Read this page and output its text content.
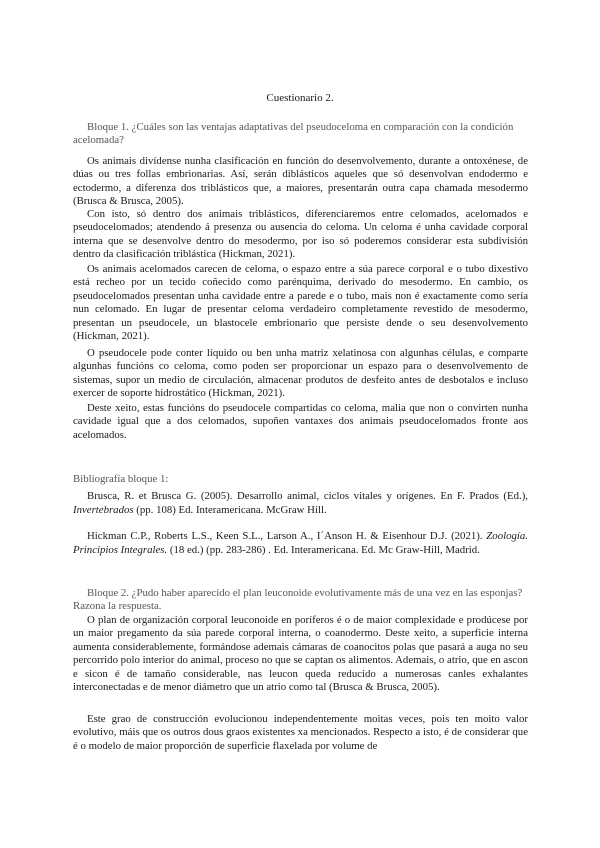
Cuestionario 2.
Bloque 1. ¿Cuáles son las ventajas adaptativas del pseudoceloma en comparación con la condición acelomada?
Os animais divídense nunha clasificación en función do desenvolvemento, durante a ontoxénese, de dúas ou tres follas embrionarias. Así, serán diblásticos aqueles que só desenvolvan endodermo e ectodermo, a diferenza dos triblásticos que, a maiores, presentarán outra capa chamada mesodermo (Brusca & Brusca, 2005).
Con isto, só dentro dos animais triblásticos, diferenciaremos entre celomados, acelomados e pseudocelomados; atendendo á presenza ou ausencia do celoma. Un celoma é unha cavidade corporal interna que se desenvolve dentro do mesodermo, por iso só poderemos considerar esta subdivisión dentro da clasificación triblástica (Hickman, 2021).
Os animais acelomados carecen de celoma, o espazo entre a súa parece corporal e o tubo dixestivo está recheo por un tecido coñecido como parénquima, derivado do mesodermo. En cambio, os pseudocelomados presentan unha cavidade entre a parede e o tubo, mais non é exactamente como sería nun celomado. En lugar de presentar celoma verdadeiro completamente revestido de mesodermo, presentan un pseudocele, un blastocele embrionario que persiste dende o seu desenvolvemento (Hickman, 2021).
O pseudocele pode conter líquido ou ben unha matriz xelatinosa con algunhas células, e comparte algunhas funcións co celoma, como poden ser proporcionar un espazo para o desenvolvemento de sistemas, supor un medio de circulación, almacenar produtos de desfeito antes de desbotalos e incluso exercer de soporte hidrostático (Hickman, 2021).
Deste xeito, estas funcións do pseudocele compartidas co celoma, malia que non o convirten nunha cavidade igual que a dos celomados, supoñen vantaxes dos animais pseudocelomados fronte aos acelomados.
Bibliografía bloque 1:
Brusca, R. et Brusca G. (2005). Desarrollo animal, ciclos vitales y orígenes. En F. Prados (Ed.), Invertebrados (pp. 108) Ed. Interamericana. McGraw Hill.
Hickman C.P., Roberts L.S., Keen S.L., Larson A., I´Anson H. & Eisenhour D.J. (2021). Zoología. Principios Integrales. (18 ed.) (pp. 283-286) . Ed. Interamericana. Ed. Mc Graw-Hill, Madrid.
Bloque 2. ¿Pudo haber aparecido el plan leuconoide evolutivamente más de una vez en las esponjas? Razona la respuesta.
O plan de organización corporal leuconoide en poríferos é o de maior complexidade e prodúcese por un maior pregamento da súa parede corporal interna, o coanodermo. Deste xeito, a superficie interna aumenta considerablemente, formándose ademais cámaras de coanocitos polas que pasará a auga no seu percorrido polo interior do animal, proceso no que se captan os alimentos. Ademais, o atrio, que en ascon e sicon é de tamaño considerable, nas leucon queda reducido a numerosas canles exhalantes interconectadas e de menor diámetro que un atrio como tal (Brusca & Brusca, 2005).
Este grao de construcción evolucionou independentemente moitas veces, pois ten moito valor evolutivo, máis que os outros dous graos existentes xa mencionados. Respecto a isto, é de considerar que é o modelo de maior proporción de superficie flaxelada por volume de
